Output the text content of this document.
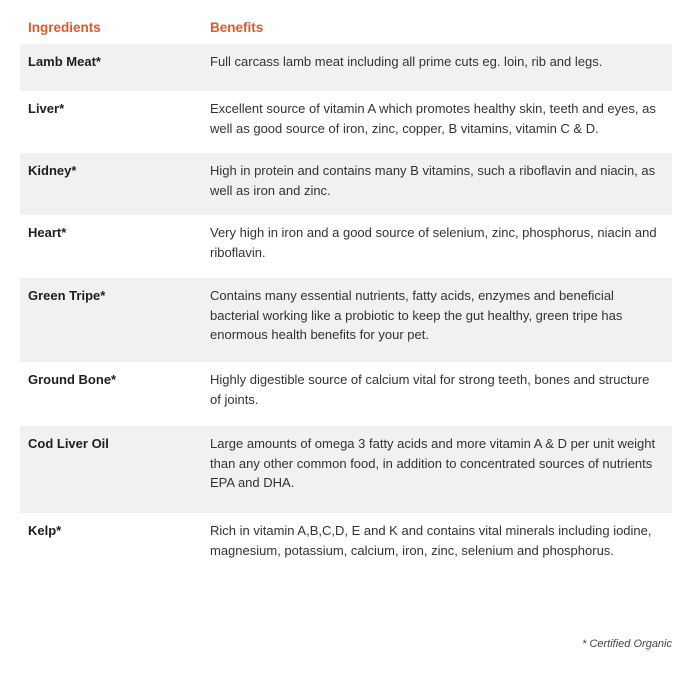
Ingredients	Benefits
Lamb Meat*	Full carcass lamb meat including all prime cuts eg. loin, rib and legs.
Liver*	Excellent source of vitamin A which promotes healthy skin, teeth and eyes, as well as good source of iron, zinc, copper, B vitamins, vitamin C & D.
Kidney*	High in protein and contains many B vitamins, such a riboflavin and niacin, as well as iron and zinc.
Heart*	Very high in iron and a good source of selenium, zinc, phosphorus, niacin and riboflavin.
Green Tripe*	Contains many essential nutrients, fatty acids, enzymes and beneficial bacterial working like a probiotic to keep the gut healthy, green tripe has enormous health benefits for your pet.
Ground Bone*	Highly digestible source of calcium vital for strong teeth, bones and structure of joints.
Cod Liver Oil	Large amounts of omega 3 fatty acids and more vitamin A & D per unit weight than any other common food, in addition to concentrated sources of nutrients EPA and DHA.
Kelp*	Rich in vitamin A,B,C,D, E and K and contains vital minerals including iodine, magnesium, potassium, calcium, iron, zinc, selenium and phosphorus.
* Certified Organic
